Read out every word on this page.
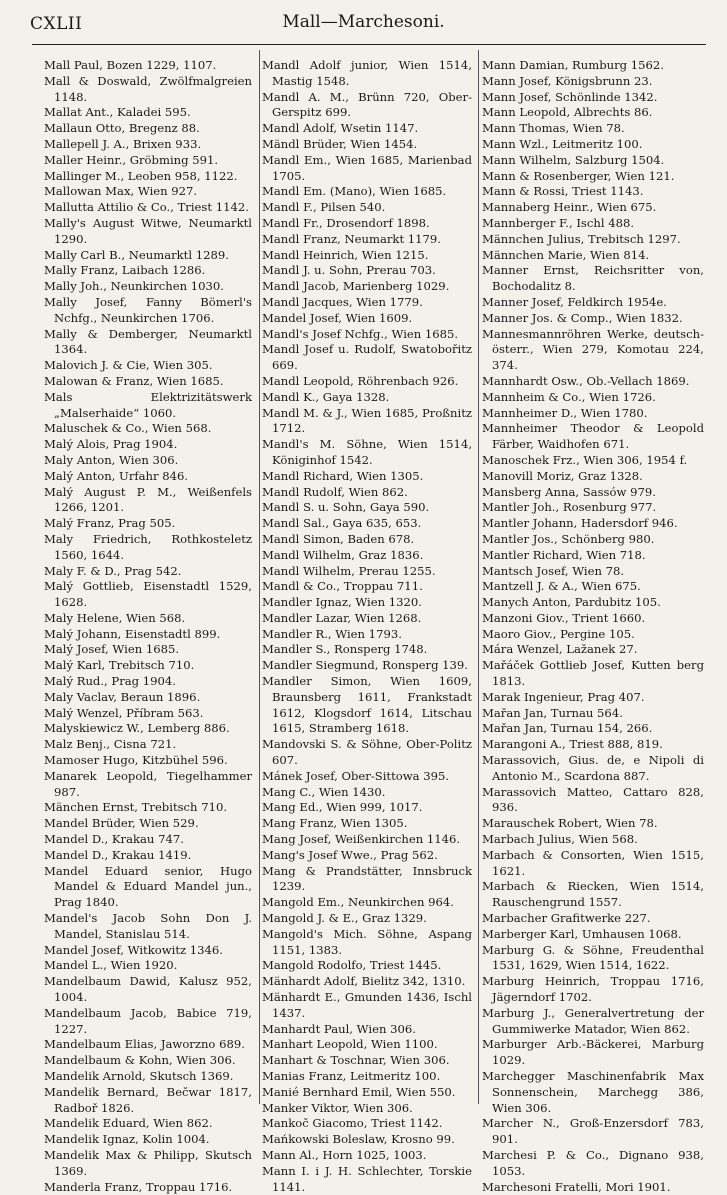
CXLII	Mall—Marchesoni.

Mall Paul, Bozen 1229, 1107.

Mall & Doswald, Zwölfmalgreien 1148.

Mallat Ant., Kaladei 595.

Mallaun Otto, Bregenz 88.

Mallepell J. A., Brixen 933.

Maller Heinr., Gröbming 591.

Mallinger M., Leoben 958, 1122.

Mallowan Max, Wien 927.

Mallutta Attilio & Co., Triest 1142.

Mally's August Witwe, Neumarktl 1290.

Mally Carl B., Neumarktl 1289.

Mally Franz, Laibach 1286.

Mally Joh., Neunkirchen 1030.

Mally Josef, Fanny Bömerl's Nchfg., Neunkirchen 1706.

Mally & Demberger, Neumarktl 1364.

Malovich J. & Cie, Wien 305.

Malowan & Franz, Wien 1685.

Mals Elektrizitätswerk „Malserhaide“ 1060.

Maluschek & Co., Wien 568.

Malý Alois, Prag 1904.

Maly Anton, Wien 306.

Malý Anton, Urfahr 846.

Malý August P. M., Weißenfels 1266, 1201.

Malý Franz, Prag 505.

Maly Friedrich, Rothkosteletz 1560, 1644.

Maly F. & D., Prag 542.

Malý Gottlieb, Eisenstadtl 1529, 1628.

Maly Helene, Wien 568.

Malý Johann, Eisenstadtl 899.

Malý Josef, Wien 1685.

Malý Karl, Trebitsch 710.

Malý Rud., Prag 1904.

Maly Vaclav, Beraun 1896.

Malý Wenzel, Příbram 563.

Malyskiewicz W., Lemberg 886.

Malz Benj., Cisna 721.

Mamoser Hugo, Kitzbühel 596.

Manarek Leopold, Tiegelhammer 987.

Mänchen Ernst, Trebitsch 710.

Mandel Brüder, Wien 529.

Mandel D., Krakau 747.

Mandel D., Krakau 1419.

Mandel Eduard senior, Hugo Mandel & Eduard Mandel jun., Prag 1840.

Mandel's Jacob Sohn Don J. Mandel, Stanislau 514.

Mandel Josef, Witkowitz 1346.

Mandel L., Wien 1920.

Mandelbaum Dawid, Kalusz 952, 1004.

Mandelbaum Jacob, Babice 719, 1227.

Mandelbaum Elias, Jaworzno 689.

Mandelbaum & Kohn, Wien 306.

Mandelik Arnold, Skutsch 1369.

Mandelik Bernard, Bečwar 1817, Radboř 1826.

Mandelik Eduard, Wien 862.

Mandelik Ignaz, Kolin 1004.

Mandelik Max & Philipp, Skutsch 1369.

Manderla Franz, Troppau 1716.

Mandl Adolf junior, Wien 1514, Mastig 1548.

Mandl A. M., Brünn 720, Ober-Gerspitz 699.

Mandl Adolf, Wsetin 1147.

Mändl Brüder, Wien 1454.

Mandl Em., Wien 1685, Marienbad 1705.

Mandl Em. (Mano), Wien 1685.

Mandl F., Pilsen 540.

Mandl Fr., Drosendorf 1898.

Mandl Franz, Neumarkt 1179.

Mandl Heinrich, Wien 1215.

Mandl J. u. Sohn, Prerau 703.

Mandl Jacob, Marienberg 1029.

Mandl Jacques, Wien 1779.

Mandel Josef, Wien 1609.

Mandl's Josef Nchfg., Wien 1685.

Mandl Josef u. Rudolf, Swatobořitz 669.

Mandl Leopold, Röhrenbach 926.

Mandl K., Gaya 1328.

Mandl M. & J., Wien 1685, Proßnitz 1712.

Mandl's M. Söhne, Wien 1514, Königinhof 1542.

Mandl Richard, Wien 1305.

Mandl Rudolf, Wien 862.

Mandl S. u. Sohn, Gaya 590.

Mandl Sal., Gaya 635, 653.

Mandl Simon, Baden 678.

Mandl Wilhelm, Graz 1836.

Mandl Wilhelm, Prerau 1255.

Mandl & Co., Troppau 711.

Mandler Ignaz, Wien 1320.

Mandler Lazar, Wien 1268.

Mandler R., Wien 1793.

Mandler S., Ronsperg 1748.

Mandler Siegmund, Ronsperg 139.

Mandler Simon, Wien 1609, Braunsberg 1611, Frankstadt 1612, Klogsdorf 1614, Litschau 1615, Stramberg 1618.

Mandovski S. & Söhne, Ober-Politz 607.

Mánek Josef, Ober-Sittowa 395.

Mang C., Wien 1430.

Mang Ed., Wien 999, 1017.

Mang Franz, Wien 1305.

Mang Josef, Weißenkirchen 1146.

Mang's Josef Wwe., Prag 562.

Mang & Prandstätter, Innsbruck 1239.

Mangold Em., Neunkirchen 964.

Mangold J. & E., Graz 1329.

Mangold's Mich. Söhne, Aspang 1151, 1383.

Mangold Rodolfo, Triest 1445.

Mänhardt Adolf, Bielitz 342, 1310.

Mänhardt E., Gmunden 1436, Ischl 1437.

Manhardt Paul, Wien 306.

Manhart Leopold, Wien 1100.

Manhart & Toschnar, Wien 306.

Manias Franz, Leitmeritz 100.

Manié Bernhard Emil, Wien 550.

Manker Viktor, Wien 306.

Mankoč Giacomo, Triest 1142.

Mańkowski Boleslaw, Krosno 99.

Mann Al., Horn 1025, 1003.

Mann I. i J. H. Schlechter, Torskie 1141.

Mann Damian, Rumburg 1562.

Mann Josef, Königsbrunn 23.

Mann Josef, Schönlinde 1342.

Mann Leopold, Albrechts 86.

Mann Thomas, Wien 78.

Mann Wzl., Leitmeritz 100.

Mann Wilhelm, Salzburg 1504.

Mann & Rosenberger, Wien 121.

Mann & Rossi, Triest 1143.

Mannaberg Heinr., Wien 675.

Mannberger F., Ischl 488.

Männchen Julius, Trebitsch 1297.

Männchen Marie, Wien 814.

Manner Ernst, Reichsritter von, Bochodalitz 8.

Manner Josef, Feldkirch 1954e.

Manner Jos. & Comp., Wien 1832.

Mannesmannröhren Werke, deutsch-österr., Wien 279, Komotau 224, 374.

Mannhardt Osw., Ob.-Vellach 1869.

Mannheim & Co., Wien 1726.

Mannheimer D., Wien 1780.

Mannheimer Theodor & Leopold Färber, Waidhofen 671.

Manoschek Frz., Wien 306, 1954 f.

Manovill Moriz, Graz 1328.

Mansberg Anna, Sassów 979.

Mantler Joh., Rosenburg 977.

Mantler Johann, Hadersdorf 946.

Mantler Jos., Schönberg 980.

Mantler Richard, Wien 718.

Mantsch Josef, Wien 78.

Mantzell J. & A., Wien 675.

Manych Anton, Pardubitz 105.

Manzoni Giov., Trient 1660.

Maoro Giov., Pergine 105.

Mára Wenzel, Lažanek 27.

Mařáček Gottlieb Josef, Kutten berg 1813.

Marak Ingenieur, Prag 407.

Mařan Jan, Turnau 564.

Mařan Jan, Turnau 154, 266.

Marangoni A., Triest 888, 819.

Marassovich, Gius. de, e Nipoli di Antonio M., Scardona 887.

Marassovich Matteo, Cattaro 828, 936.

Marauschek Robert, Wien 78.

Marbach Julius, Wien 568.

Marbach & Consorten, Wien 1515, 1621.

Marbach & Riecken, Wien 1514, Rauschengrund 1557.

Marbacher Grafitwerke 227.

Marberger Karl, Umhausen 1068.

Marburg G. & Söhne, Freudenthal 1531, 1629, Wien 1514, 1622.

Marburg Heinrich, Troppau 1716, Jägerndorf 1702.

Marburg J., Generalvertretung der Gummiwerke Matador, Wien 862.

Marburger Arb.-Bäckerei, Marburg 1029.

Marchegger Maschinenfabrik Max Sonnenschein, Marchegg 386, Wien 306.

Marcher N., Groß-Enzersdorf 783, 901.

Marchesi P. & Co., Dignano 938, 1053.

Marchesoni Fratelli, Mori 1901.
